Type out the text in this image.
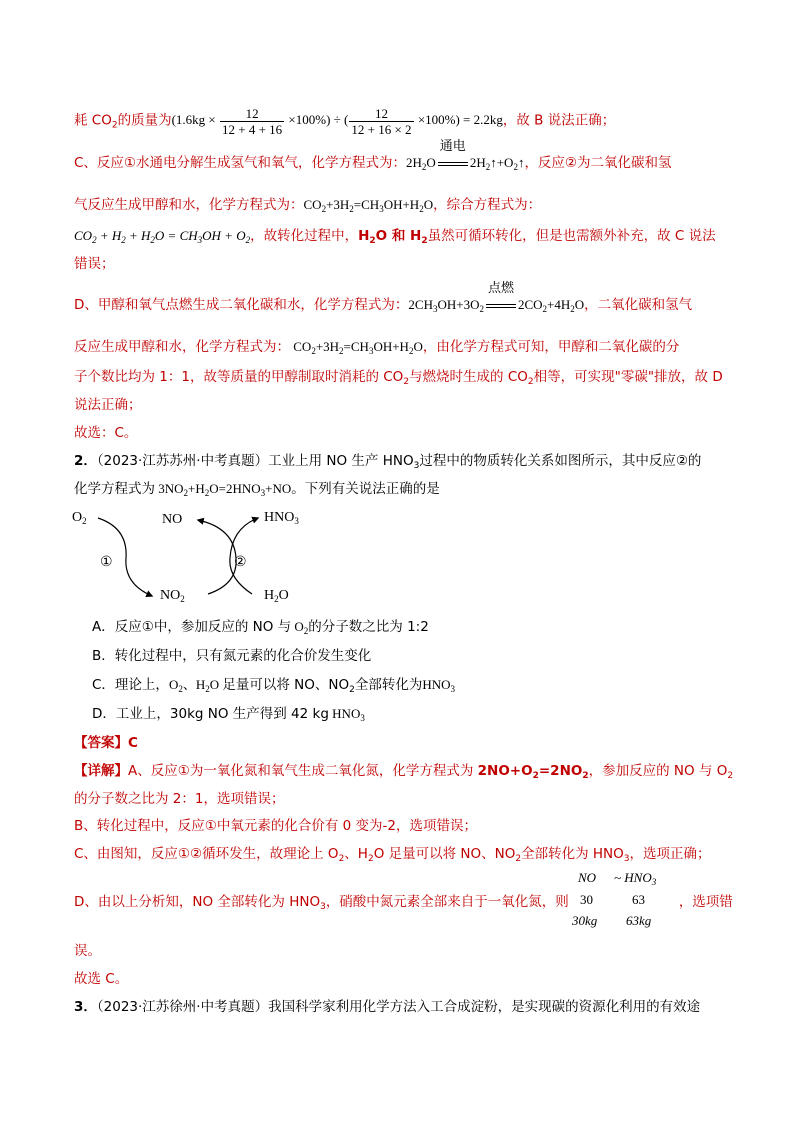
耗 $CO_2$的质量为$(1.6kg \times \frac{12}{12 + 4 + 16} \times 100\%)$ ÷ ( $\frac{12}{12 + 16 \times 2} \times 100\%) = 2.2kg$，故 B 说法正确；
C、反应①水通电分解生成氢气和氧气，化学方程式为：$2H_2O$
通电
$2H_2↑+O_2↑$，反应②为二氧化碳和氢
气反应生成甲醇和水，化学方程式为：$CO_2+3H_2=CH_3OH+H_2O$，综合方程式为：
$CO_2 + H_2 + H_2O = CH_3OH + O_2$，故转化过程中，$H_2O$ 和 $H_2$虽然可循环转化，但是也需额外补充，故 C 说法
错误；
D、甲醇和氧气点燃生成二氧化碳和水，化学方程式为：$2CH_3OH+3O_2$
点燃
$2CO_2+4H_2O$，二氧化碳和氢气
反应生成甲醇和水，化学方程式为： $CO_2+3H_2=CH_3OH+H_2O$，由化学方程式可知，甲醇和二氧化碳的分
子个数比均为 1：1，故等质量的甲醇制取时消耗的 $CO_2$与燃烧时生成的 $CO_2$相等，可实现"零碳"排放，故 D
说法正确；
故选：C。
2．（2023·江苏苏州·中考真题）工业上用 NO 生产 $HNO_3$过程中的物质转化关系如图所示，其中反应②的
化学方程式为 $3NO_2+H_2O=2HNO_3+NO$。下列有关说法正确的是
$O_2$	NO	$HNO_3$
①	②
$NO_2$	$H_2O$
A．反应①中，参加反应的 NO 与 $O_2$的分子数之比为 1:2
B．转化过程中，只有氮元素的化合价发生变化
C．理论上，$O_2$、$H_2O$ 足量可以将 NO、$NO_2$全部转化为$HNO_3$
D．工业上，30kg NO 生产得到 42 kg $HNO_3$
【答案】C
【详解】A、反应①为一氧化氮和氧气生成二氧化氮，化学方程式为 $2NO+O_2=2NO_2$，参加反应的 NO 与 $O_2$
的分子数之比为 2：1，选项错误；
B、转化过程中，反应①中氧元素的化合价有 0 变为-2，选项错误；
C、由图知，反应①②循环发生，故理论上 $O_2$、$H_2O$ 足量可以将 NO、$NO_2$全部转化为 $HNO_3$，选项正确；
D、由以上分析知，NO 全部转化为 $HNO_3$，硝酸中氮元素全部来自于一氧化氮，则	，选项错
NO ~ $HNO_3$
30	63
30kg 63kg
误。
故选 C。
3．（2023·江苏徐州·中考真题）我国科学家利用化学方法入工合成淀粉，是实现碳的资源化利用的有效途
